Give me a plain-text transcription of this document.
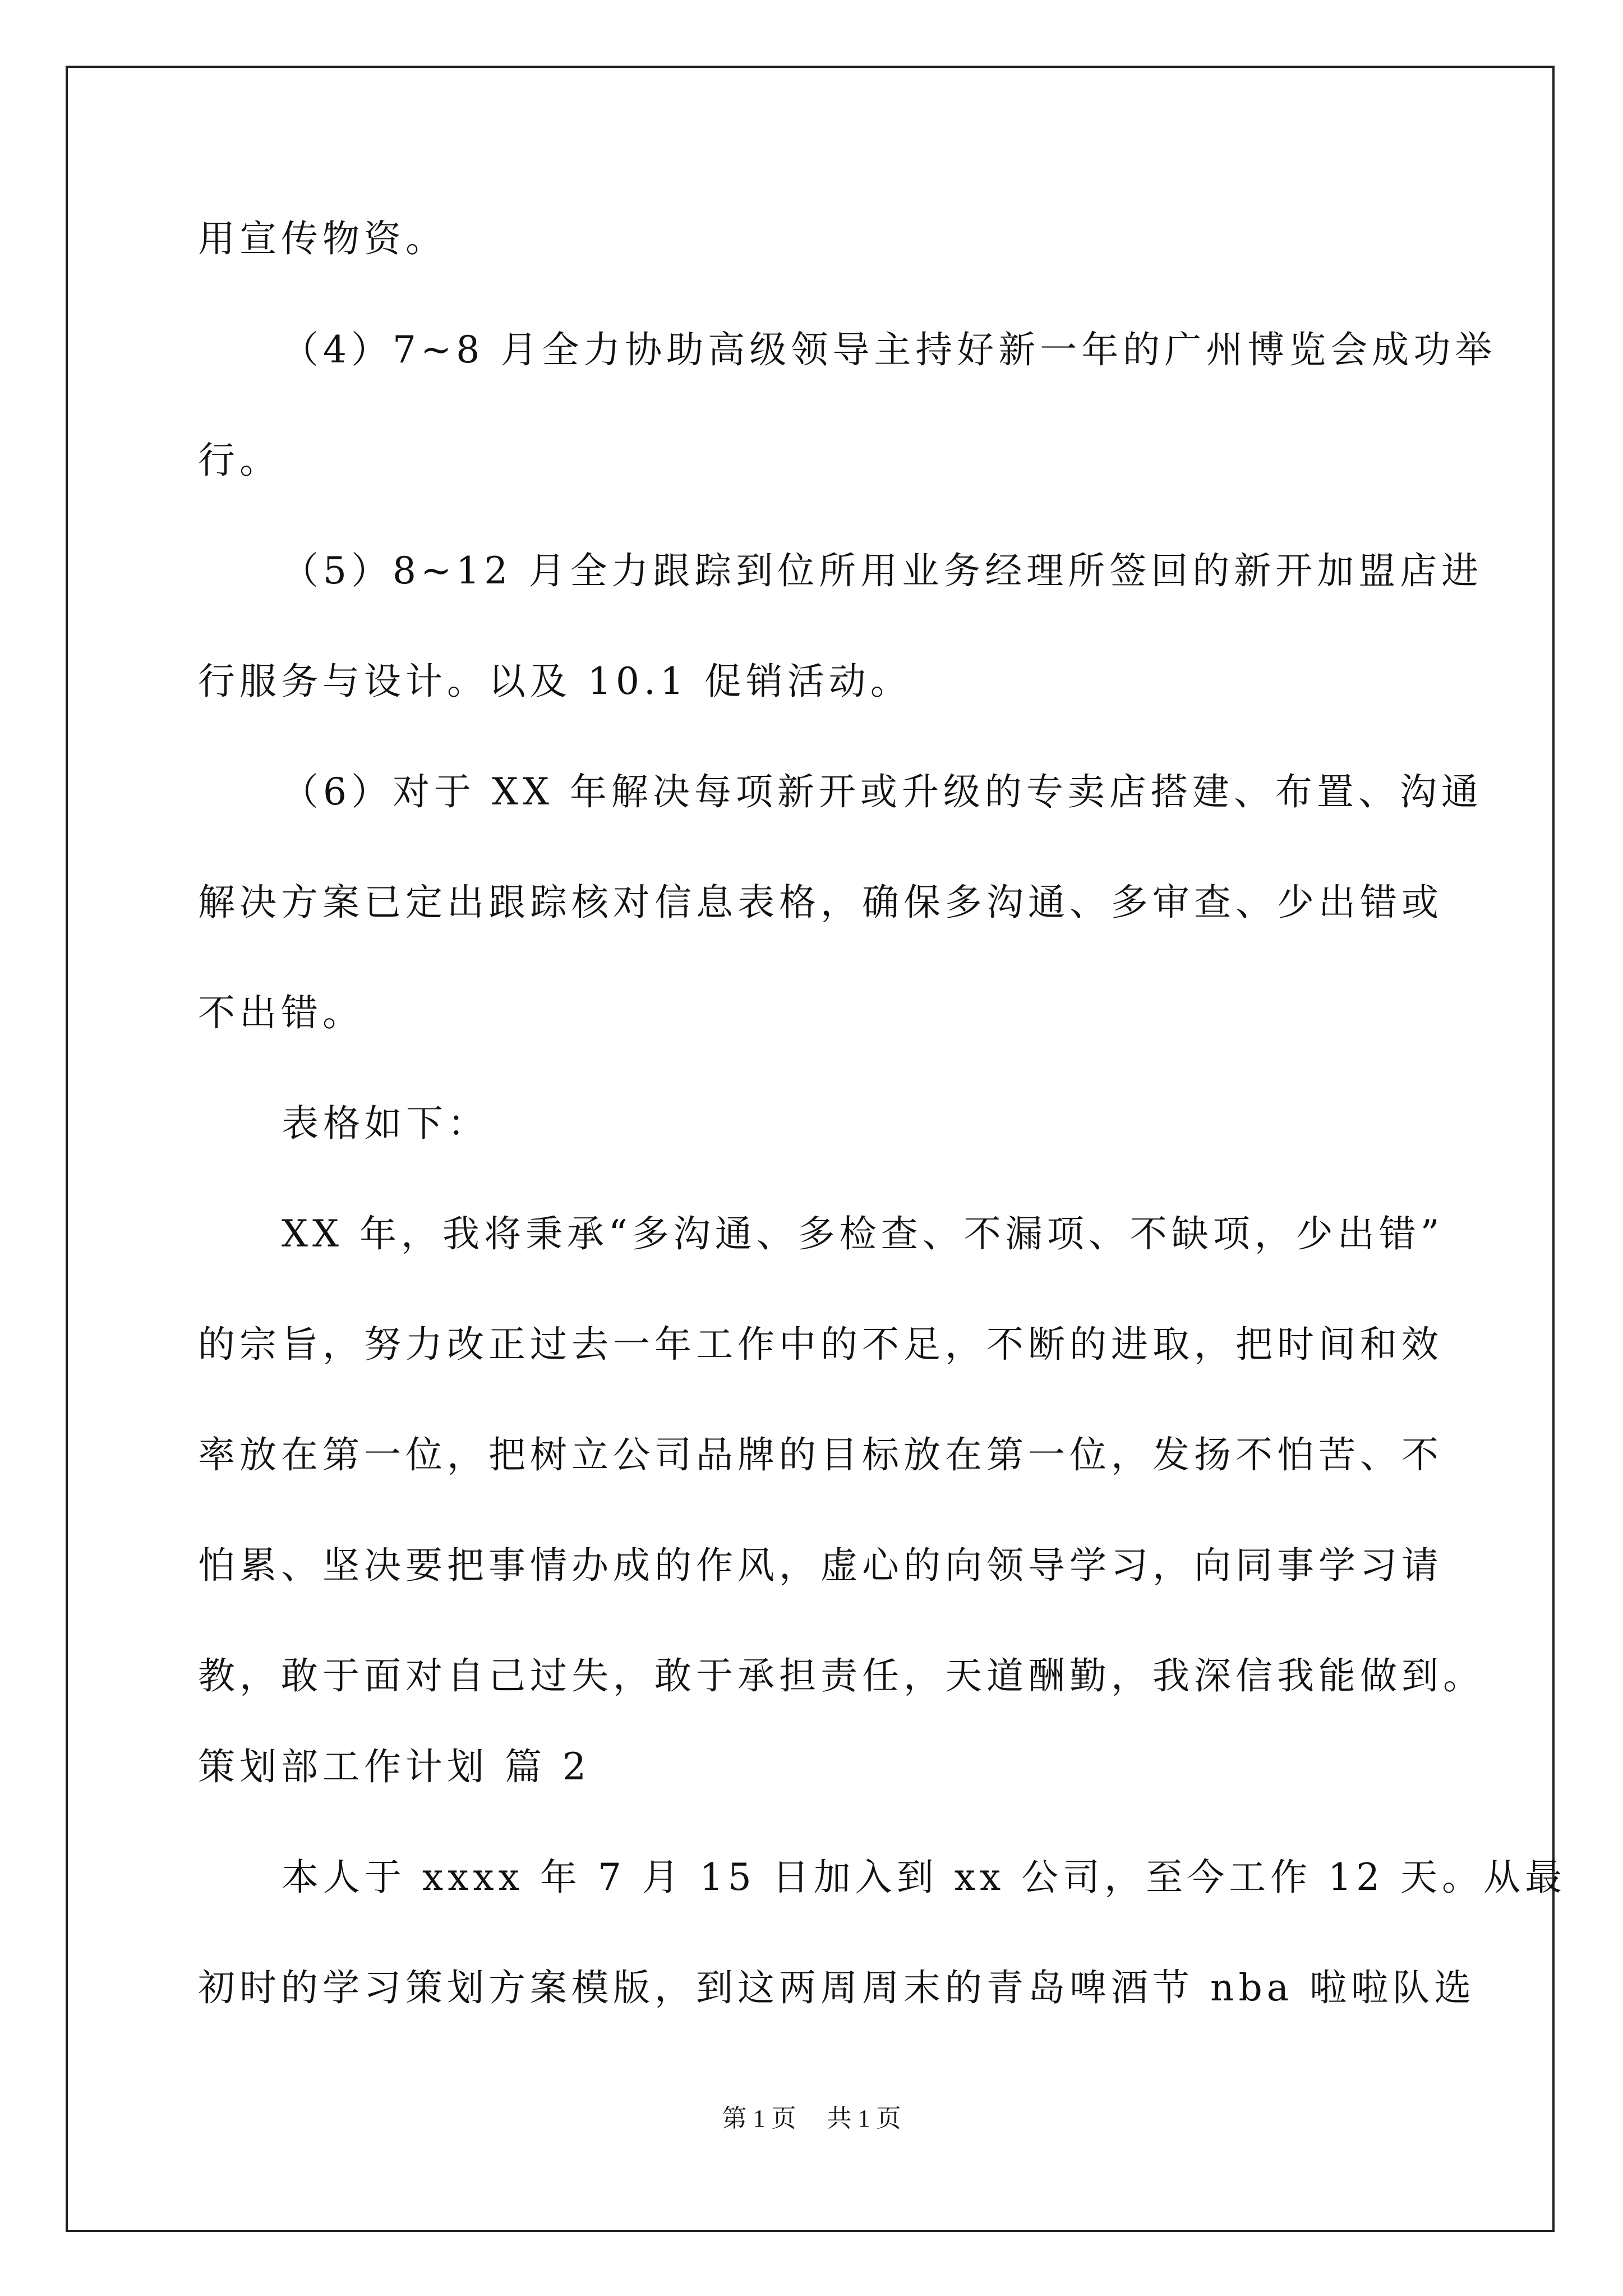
用宣传物资。
（4）7~8 月全力协助高级领导主持好新一年的广州博览会成功举
行。
（5）8~12 月全力跟踪到位所用业务经理所签回的新开加盟店进
行服务与设计。以及 10.1 促销活动。
（6）对于 XX 年解决每项新开或升级的专卖店搭建、布置、沟通
解决方案已定出跟踪核对信息表格，确保多沟通、多审查、少出错或
不出错。
表格如下：
XX 年，我将秉承“多沟通、多检查、不漏项、不缺项，少出错”
的宗旨，努力改正过去一年工作中的不足，不断的进取，把时间和效
率放在第一位，把树立公司品牌的目标放在第一位，发扬不怕苦、不
怕累、坚决要把事情办成的作风，虚心的向领导学习，向同事学习请
教，敢于面对自己过失，敢于承担责任，天道酬勤，我深信我能做到。
策划部工作计划 篇 2
本人于 xxxx 年 7 月 15 日加入到 xx 公司，至今工作 12 天。从最
初时的学习策划方案模版，到这两周周末的青岛啤酒节 nba 啦啦队选
第 1 页 共 1 页
